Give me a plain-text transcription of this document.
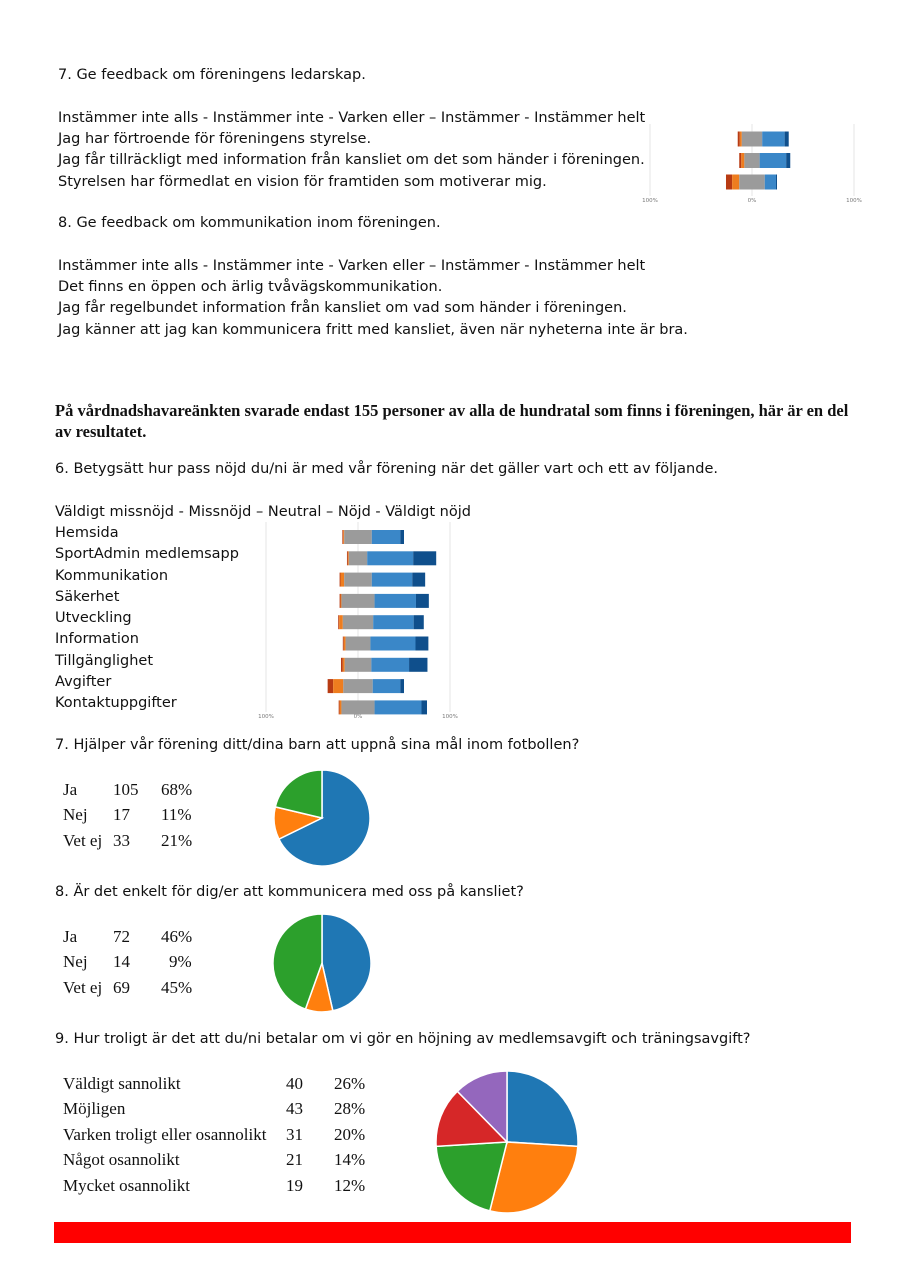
7. Ge feedback om föreningens ledarskap.
Instämmer inte alls - Instämmer inte - Varken eller – Instämmer - Instämmer helt
Jag har förtroende för föreningens styrelse.
Jag får tillräckligt med information från kansliet om det som händer i föreningen.
Styrelsen har förmedlat en vision för framtiden som motiverar mig.
100%	0%	100%
8. Ge feedback om kommunikation inom föreningen.
Instämmer inte alls - Instämmer inte - Varken eller – Instämmer - Instämmer helt
Det finns en öppen och ärlig tvåvägskommunikation.
Jag får regelbundet information från kansliet om vad som händer i föreningen.
Jag känner att jag kan kommunicera fritt med kansliet, även när nyheterna inte är bra.
På vårdnadshavareänkten svarade endast 155 personer av alla de hundratal som finns i föreningen, här är en del av resultatet.
6. Betygsätt hur pass nöjd du/ni är med vår förening när det gäller vart och ett av följande.
Väldigt missnöjd - Missnöjd – Neutral – Nöjd - Väldigt nöjd
Hemsida
SportAdmin medlemsapp
Kommunikation
Säkerhet
Utveckling
Information
Tillgänglighet
Avgifter
Kontaktuppgifter
100%	0%	100%
7. Hjälper vår förening ditt/dina barn att uppnå sina mål inom fotbollen?
Ja	105	68%
Nej	17	11%
Vet ej	33	21%
8. Är det enkelt för dig/er att kommunicera med oss på kansliet?
Ja	72	46%
Nej	14	9%
Vet ej	69	45%
9. Hur troligt är det att du/ni betalar om vi gör en höjning av medlemsavgift och träningsavgift?
Väldigt sannolikt	40	26%
Möjligen	43	28%
Varken troligt eller osannolikt	31	20%
Något osannolikt	21	14%
Mycket osannolikt	19	12%
